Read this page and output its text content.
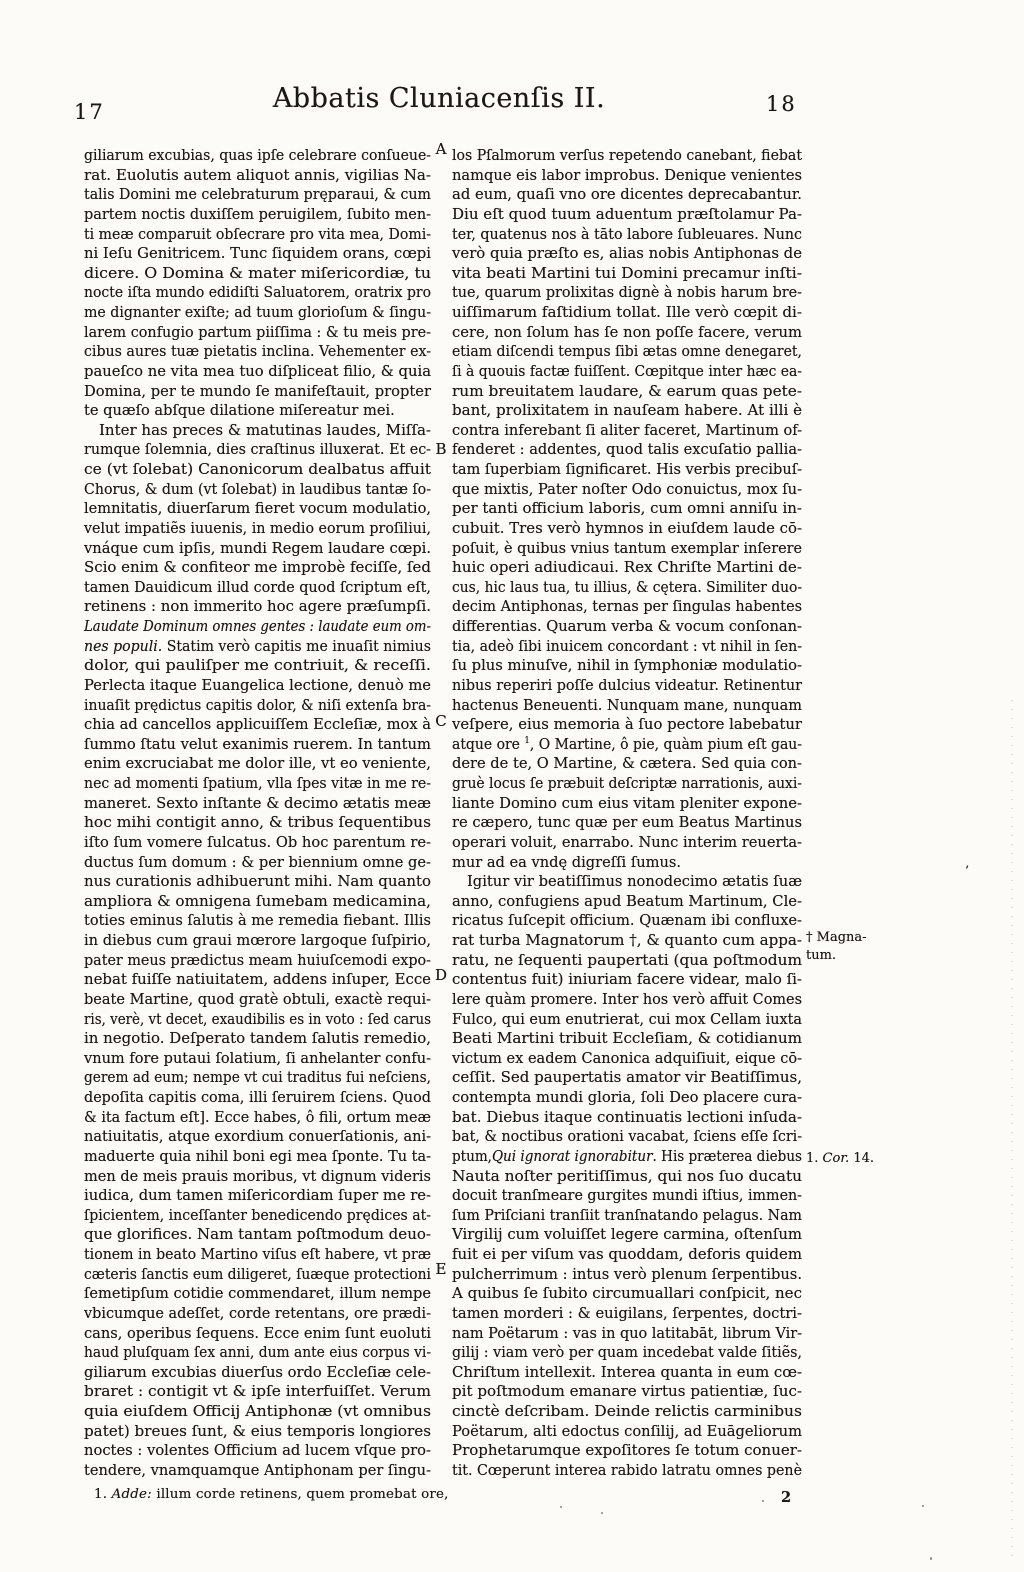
17	Abbatis Cluniacenſis II.	18
giliarum excubias, quas ipſe celebrare conſueue-
rat. Euolutis autem aliquot annis, vigilias Na-
talis Domini me celebraturum pręparaui, & cum
partem noctis duxiſſem peruigilem, ſubito men-
ti meæ comparuit obſecrare pro vita mea, Domi-
ni Ieſu Genitricem. Tunc ſiquidem orans, cœpi
dicere. O Domina & mater miſericordiæ, tu
nocte iſta mundo edidiſti Saluatorem, oratrix pro
me dignanter exiſte; ad tuum glorioſum & ſingu-
larem confugio partum piiſſima : & tu meis pre-
cibus aures tuæ pietatis inclina. Vehementer ex-
paueſco ne vita mea tuo diſpliceat filio, & quia
Domina, per te mundo ſe manifeſtauit, propter
te quæſo abſque dilatione miſereatur mei.
Inter has preces & matutinas laudes, Miſſa-
rumque ſolemnia, dies craſtinus illuxerat. Et ec-
ce (vt ſolebat) Canonicorum dealbatus affuit
Chorus, & dum (vt ſolebat) in laudibus tantæ ſo-
lemnitatis, diuerſarum fieret vocum modulatio,
velut impatiẽs iuuenis, in medio eorum proſiliui,
vnáque cum ipſis, mundi Regem laudare cœpi.
Scio enim & confiteor me improbè feciſſe, ſed
tamen Dauidicum illud corde quod ſcriptum eſt,
retinens : non immerito hoc agere præſumpſi.
Laudate Dominum omnes gentes : laudate eum om-
nes populi. Statim verò capitis me inuaſit nimius
dolor, qui pauliſper me contriuit, & receſſi.
Perlecta itaque Euangelica lectione, denuò me
inuaſit prędictus capitis dolor, & niſi extenſa bra-
chia ad cancellos applicuiſſem Eccleſiæ, mox à
ſummo ſtatu velut exanimis ruerem. In tantum
enim excruciabat me dolor ille, vt eo veniente,
nec ad momenti ſpatium, vlla ſpes vitæ in me re-
maneret. Sexto inſtante & decimo ætatis meæ
hoc mihi contigit anno, & tribus ſequentibus
iſto ſum vomere ſulcatus. Ob hoc parentum re-
ductus ſum domum : & per biennium omne ge-
nus curationis adhibuerunt mihi. Nam quanto
ampliora & omnigena ſumebam medicamina,
toties eminus ſalutis à me remedia fiebant. Illis
in diebus cum graui mœrore largoque ſuſpirio,
pater meus prædictus meam huiuſcemodi expo-
nebat fuiſſe natiuitatem, addens inſuper, Ecce
beate Martine, quod gratè obtuli, exactè requi-
ris, verè, vt decet, exaudibilis es in voto : ſed carus
in negotio. Deſperato tandem ſalutis remedio,
vnum fore putaui ſolatium, ſi anhelanter confu-
gerem ad eum; nempe vt cui traditus fui neſciens,
depoſita capitis coma, illi ſeruirem ſciens. Quod
& ita factum eſt]. Ecce habes, ô fili, ortum meæ
natiuitatis, atque exordium conuerſationis, ani-
maduerte quia nihil boni egi mea ſponte. Tu ta-
men de meis prauis moribus, vt dignum videris
iudica, dum tamen miſericordiam ſuper me re-
ſpicientem, inceſſanter benedicendo prędices at-
que glorifices. Nam tantam poſtmodum deuo-
tionem in beato Martino viſus eſt habere, vt præ
cæteris ſanctis eum diligeret, ſuæque protectioni
ſemetipſum cotidie commendaret, illum nempe
vbicumque adeſſet, corde retentans, ore prædi-
cans, operibus ſequens. Ecce enim ſunt euoluti
haud pluſquam ſex anni, dum ante eius corpus vi-
giliarum excubias diuerſus ordo Eccleſiæ cele-
braret : contigit vt & ipſe interfuiſſet. Verum
quia eiuſdem Officij Antiphonæ (vt omnibus
patet) breues ſunt, & eius temporis longiores
noctes : volentes Officium ad lucem vſque pro-
tendere, vnamquamque Antiphonam per ſingu-
los Pſalmorum verſus repetendo canebant, fiebat
namque eis labor improbus. Denique venientes
ad eum, quaſi vno ore dicentes deprecabantur.
Diu eſt quod tuum aduentum præſtolamur Pa-
ter, quatenus nos à tāto labore ſubleuares. Nunc
verò quia præſto es, alias nobis Antiphonas de
vita beati Martini tui Domini precamur inſti-
tue, quarum prolixitas dignè à nobis harum bre-
uiſſimarum faſtidium tollat. Ille verò cœpit di-
cere, non ſolum has ſe non poſſe facere, verum
etiam diſcendi tempus ſibi ætas omne denegaret,
ſi à quouis factæ fuiſſent. Cœpitque inter hæc ea-
rum breuitatem laudare, & earum quas pete-
bant, prolixitatem in nauſeam habere. At illi è
contra inferebant ſi aliter faceret, Martinum of-
fenderet : addentes, quod talis excuſatio pallia-
tam ſuperbiam ſignificaret. His verbis precibuſ-
que mixtis, Pater noſter Odo conuictus, mox ſu-
per tanti officium laboris, cum omni anniſu in-
cubuit. Tres verò hymnos in eiuſdem laude cō-
poſuit, è quibus vnius tantum exemplar inſerere
huic operi adiudicaui. Rex Chriſte Martini de-
cus, hic laus tua, tu illius, & cętera. Similiter duo-
decim Antiphonas, ternas per ſingulas habentes
differentias. Quarum verba & vocum conſonan-
tia, adeò ſibi inuicem concordant : vt nihil in ſen-
ſu plus minuſve, nihil in ſymphoniæ modulatio-
nibus reperiri poſſe dulcius videatur. Retinentur
hactenus Beneuenti. Nunquam mane, nunquam
veſpere, eius memoria à ſuo pectore labebatur
atque ore $^1$, O Martine, ô pie, quàm pium eſt gau-
dere de te, O Martine, & cætera. Sed quia con-
gruè locus ſe præbuit deſcriptæ narrationis, auxi-
liante Domino cum eius vitam pleniter expone-
re cæpero, tunc quæ per eum Beatus Martinus
operari voluit, enarrabo. Nunc interim reuerta-
mur ad ea vndę digreſſi ſumus.
Igitur vir beatiſſimus nonodecimo ætatis ſuæ
anno, confugiens apud Beatum Martinum, Cle-
ricatus ſuſcepit officium. Quænam ibi confluxe-
rat turba Magnatorum †, & quanto cum appa-
ratu, ne ſequenti paupertati (qua poſtmodum
contentus fuit) iniuriam facere videar, malo ſi-
lere quàm promere. Inter hos verò affuit Comes
Fulco, qui eum enutrierat, cui mox Cellam iuxta
Beati Martini tribuit Eccleſiam, & cotidianum
victum ex eadem Canonica adquiſiuit, eique cō-
ceſſit. Sed paupertatis amator vir Beatiſſimus,
contempta mundi gloria, ſoli Deo placere cura-
bat. Diebus itaque continuatis lectioni inſuda-
bat, & noctibus orationi vacabat, ſciens eſſe ſcri-
ptum,Qui ignorat ignorabitur. His præterea diebus
Nauta noſter peritiſſimus, qui nos ſuo ducatu
docuit tranſmeare gurgites mundi iſtius, immen-
ſum Priſciani tranſiit tranſnatando pelagus. Nam
Virgilij cum voluiſſet legere carmina, oſtenſum
fuit ei per viſum vas quoddam, deforis quidem
pulcherrimum : intus verò plenum ſerpentibus.
A quibus ſe ſubito circumuallari conſpicit, nec
tamen morderi : & euigilans, ſerpentes, doctri-
nam Poëtarum : vas in quo latitabāt, librum Vir-
gilij : viam verò per quam incedebat valde ſitiẽs,
Chriſtum intellexit. Interea quanta in eum cœ-
pit poſtmodum emanare virtus patientiæ, ſuc-
cinctè deſcribam. Deinde relictis carminibus
Poëtarum, alti edoctus conſilij, ad Euāgeliorum
Prophetarumque expoſitores ſe totum conuer-
tit. Cœperunt interea rabido latratu omnes penè
A
B
C
D
E
† Magna-
tum.
1. Cor. 14.
1. Adde: illum corde retinens, quem promebat ore,	2
’
